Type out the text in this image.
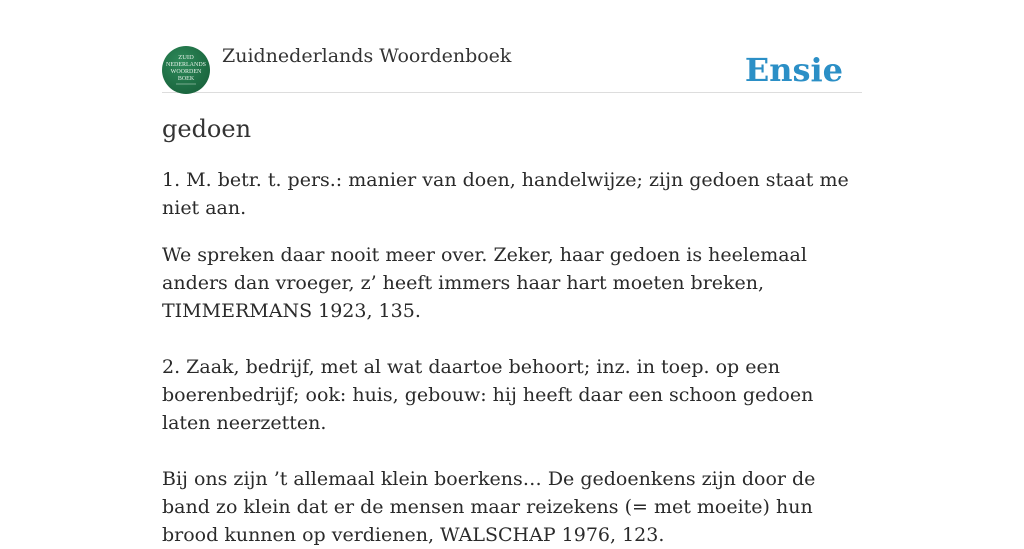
ZUID
NEDERLANDS
WOORDEN
BOEK
Zuidnederlands Woordenboek	Ensie
gedoen

1. M. betr. t. pers.: manier van doen, handelwijze; zijn gedoen staat me niet aan.

We spreken daar nooit meer over. Zeker, haar gedoen is heelemaal anders dan vroeger, z’ heeft immers haar hart moeten breken, TIMMERMANS 1923, 135.

2. Zaak, bedrijf, met al wat daartoe behoort; inz. in toep. op een boerenbedrijf; ook: huis, gebouw: hij heeft daar een schoon gedoen laten neerzetten.

Bij ons zijn ’t allemaal klein boerkens… De gedoenkens zijn door de band zo klein dat er de mensen maar reizekens (= met moeite) hun brood kunnen op verdienen, WALSCHAP 1976, 123.
